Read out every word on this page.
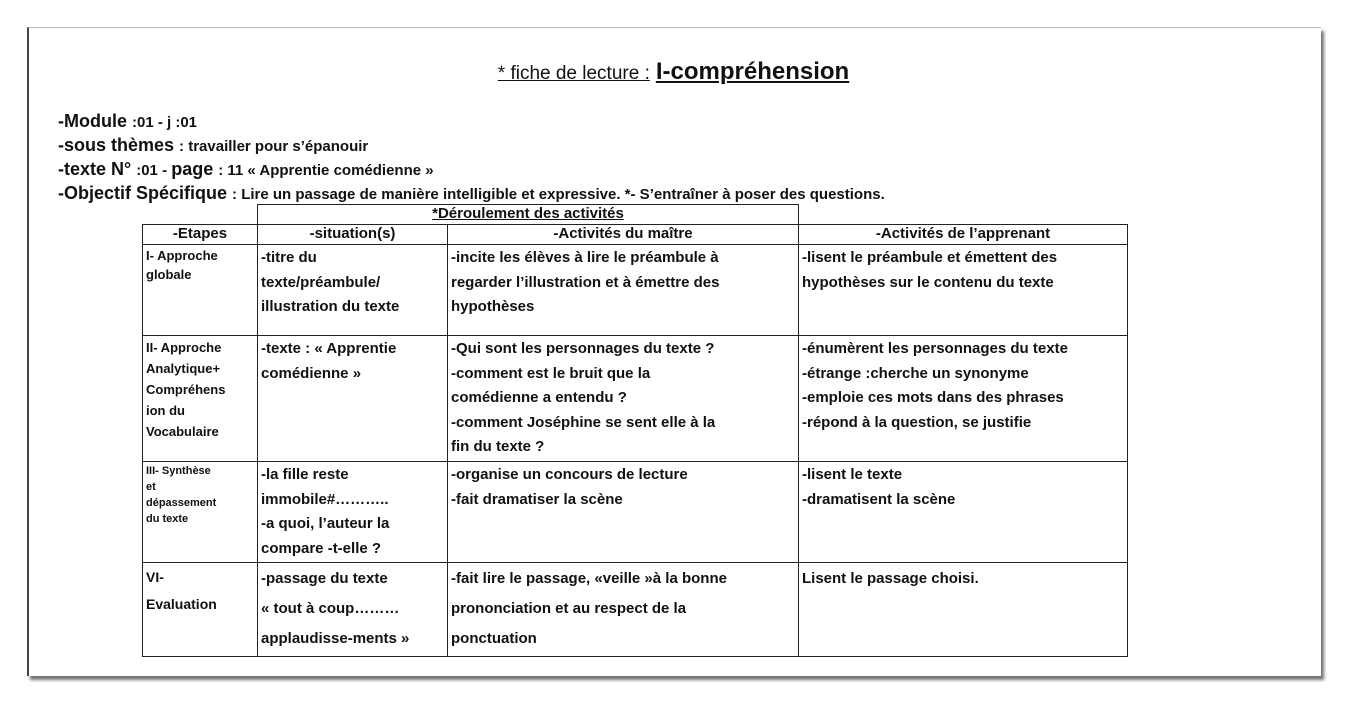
* fiche de lecture : I-compréhension
-Module :01 - j :01
-sous thèmes : travailler pour s’épanouir
-texte N° :01 - page : 11 « Apprentie comédienne »
-Objectif Spécifique : Lire un passage de manière intelligible et expressive. *- S’entraîner à poser des questions.
	*Déroulement des activités		
-Etapes	-situation(s)	-Activités du maître	-Activités de l’apprenant

I- Approche
globale	-titre du
texte/préambule/
illustration du texte	-incite les élèves à lire le préambule à
regarder l’illustration et à émettre des
hypothèses	-lisent le préambule et émettent des
hypothèses sur le contenu du texte

II- Approche
Analytique+
Compréhens
ion du
Vocabulaire	-texte : « Apprentie
comédienne »	-Qui sont les personnages du texte ?
-comment est le bruit que la
comédienne a entendu ?
-comment Joséphine se sent elle à la
fin du texte ?	-énumèrent les personnages du texte
-étrange :cherche un synonyme
-emploie ces mots dans des phrases
-répond à la question, se justifie

III- Synthèse
et
dépassement
du texte	-la fille reste
immobile#………..
-a quoi, l’auteur la
compare -t-elle ?	-organise un concours de lecture
-fait dramatiser la scène	-lisent le texte
-dramatisent la scène

VI-
Evaluation	-passage du texte
« tout à coup………
applaudisse-ments »	-fait lire le passage, «veille »à la bonne
prononciation et au respect de la
ponctuation	Lisent le passage choisi.
